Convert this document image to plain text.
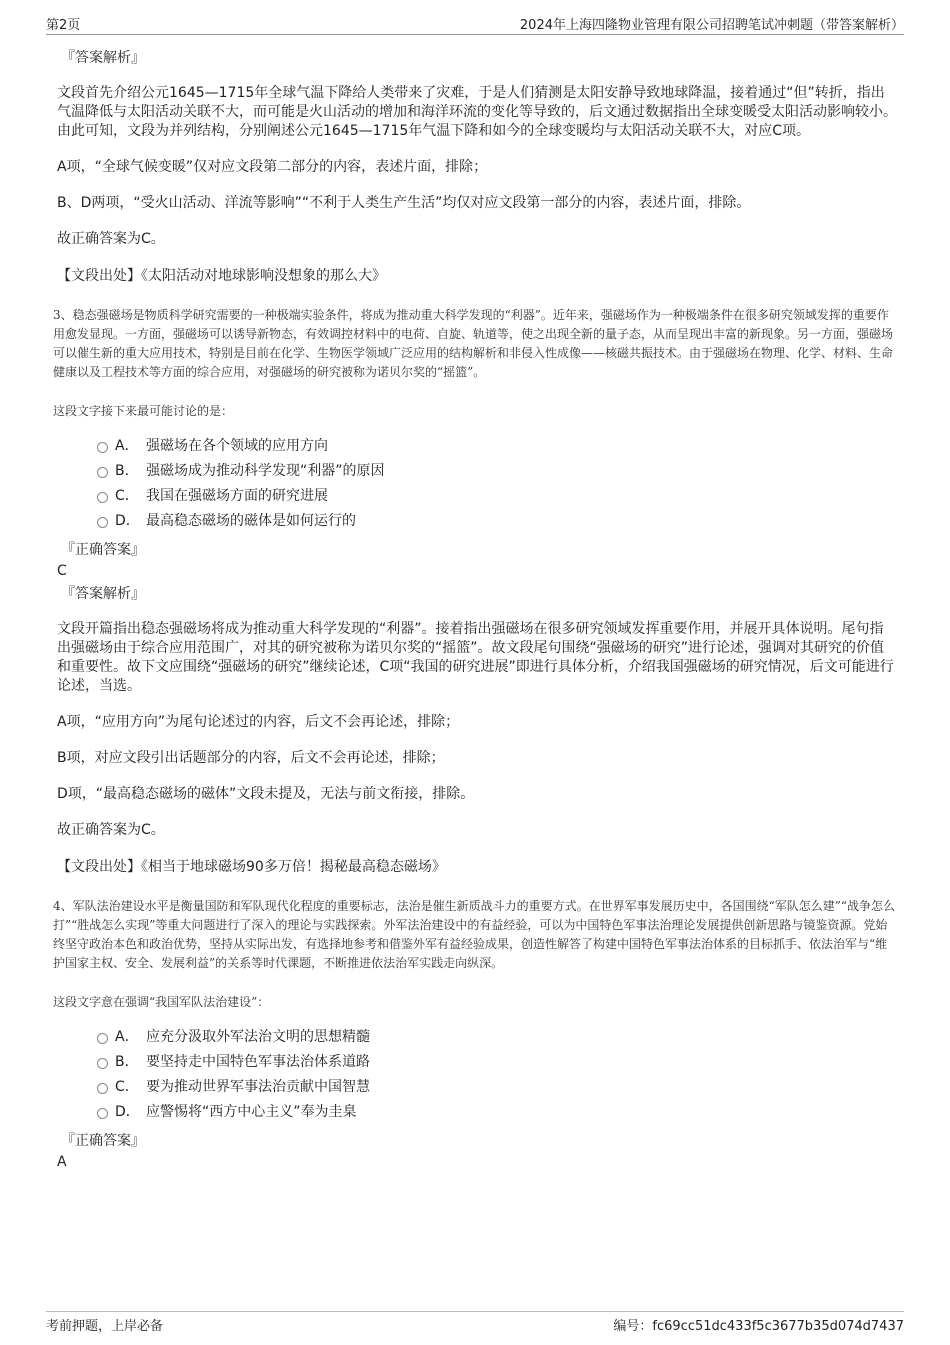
第2页	2024年上海四隆物业管理有限公司招聘笔试冲刺题（带答案解析）
『答案解析』

文段首先介绍公元1645—1715年全球气温下降给人类带来了灾难，于是人们猜测是太阳安静导致地球降温，接着通过“但”转折，指出气温降低与太阳活动关联不大，而可能是火山活动的增加和海洋环流的变化等导致的，后文通过数据指出全球变暖受太阳活动影响较小。由此可知，文段为并列结构，分别阐述公元1645—1715年气温下降和如今的全球变暖均与太阳活动关联不大，对应C项。

A项，“全球气候变暖”仅对应文段第二部分的内容，表述片面，排除；

B、D两项，“受火山活动、洋流等影响”“不利于人类生产生活”均仅对应文段第一部分的内容，表述片面，排除。

故正确答案为C。

【文段出处】《太阳活动对地球影响没想象的那么大》

3、稳态强磁场是物质科学研究需要的一种极端实验条件，将成为推动重大科学发现的“利器”。近年来，强磁场作为一种极端条件在很多研究领域发挥的重要作用愈发显现。一方面，强磁场可以诱导新物态，有效调控材料中的电荷、自旋、轨道等，使之出现全新的量子态，从而呈现出丰富的新现象。另一方面，强磁场可以催生新的重大应用技术，特别是目前在化学、生物医学领域广泛应用的结构解析和非侵入性成像——核磁共振技术。由于强磁场在物理、化学、材料、生命健康以及工程技术等方面的综合应用，对强磁场的研究被称为诺贝尔奖的“摇篮”。

这段文字接下来最可能讨论的是：

A． 强磁场在各个领域的应用方向
B． 强磁场成为推动科学发现“利器”的原因
C． 我国在强磁场方面的研究进展
D． 最高稳态磁场的磁体是如何运行的
『正确答案』
C
『答案解析』

文段开篇指出稳态强磁场将成为推动重大科学发现的“利器”。接着指出强磁场在很多研究领域发挥重要作用，并展开具体说明。尾句指出强磁场由于综合应用范围广，对其的研究被称为诺贝尔奖的“摇篮”。故文段尾句围绕“强磁场的研究”进行论述，强调对其研究的价值和重要性。故下文应围绕“强磁场的研究”继续论述，C项“我国的研究进展”即进行具体分析，介绍我国强磁场的研究情况，后文可能进行论述，当选。

A项，“应用方向”为尾句论述过的内容，后文不会再论述，排除；

B项，对应文段引出话题部分的内容，后文不会再论述，排除；

D项，“最高稳态磁场的磁体”文段未提及，无法与前文衔接，排除。

故正确答案为C。

【文段出处】《相当于地球磁场90多万倍！揭秘最高稳态磁场》

4、军队法治建设水平是衡量国防和军队现代化程度的重要标志，法治是催生新质战斗力的重要方式。在世界军事发展历史中，各国围绕“军队怎么建”“战争怎么打”“胜战怎么实现”等重大问题进行了深入的理论与实践探索。外军法治建设中的有益经验，可以为中国特色军事法治理论发展提供创新思路与镜鉴资源。党始终坚守政治本色和政治优势，坚持从实际出发，有选择地参考和借鉴外军有益经验成果，创造性解答了构建中国特色军事法治体系的目标抓手、依法治军与“维护国家主权、安全、发展利益”的关系等时代课题，不断推进依法治军实践走向纵深。

这段文字意在强调“我国军队法治建设”：

A． 应充分汲取外军法治文明的思想精髓
B． 要坚持走中国特色军事法治体系道路
C． 要为推动世界军事法治贡献中国智慧
D． 应警惕将“西方中心主义”奉为圭臬
『正确答案』
A
考前押题，上岸必备	编号：fc69cc51dc433f5c3677b35d074d7437
